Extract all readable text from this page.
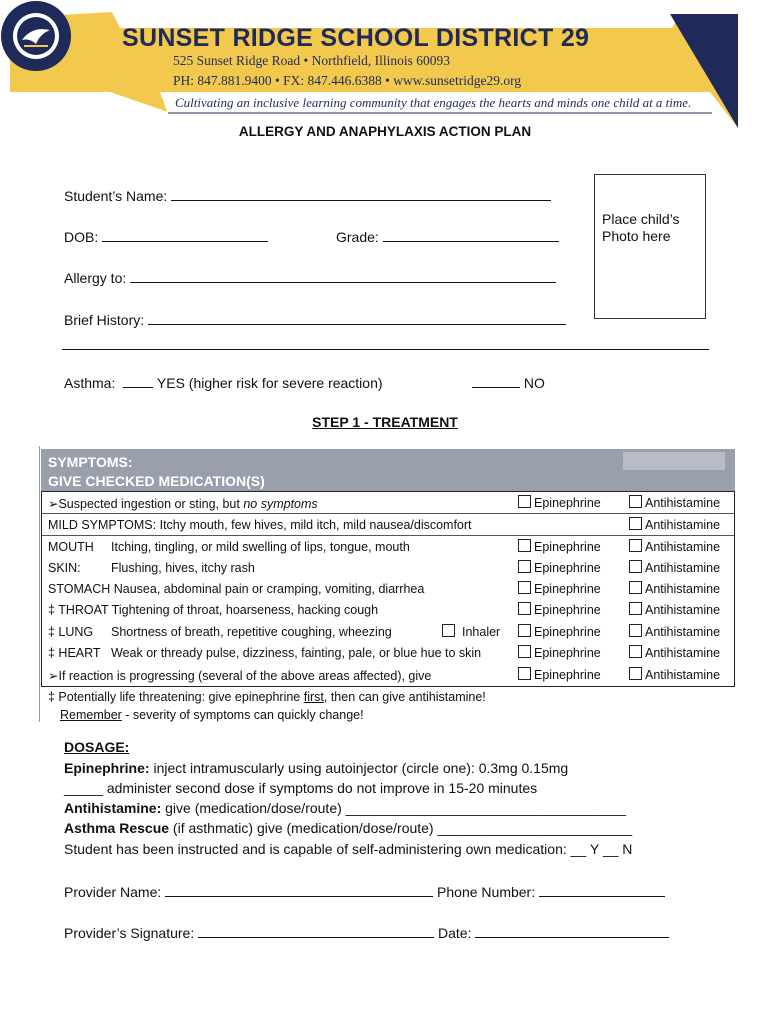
SUNSET RIDGE SCHOOL DISTRICT 29
525 Sunset Ridge Road • Northfield, Illinois 60093
PH: 847.881.9400 • FX: 847.446.6388 • www.sunsetridge29.org
Cultivating an inclusive learning community that engages the hearts and minds one child at a time.
ALLERGY AND ANAPHYLAXIS ACTION PLAN
Student’s Name:
DOB:	Grade:
Allergy to:
Brief History:
Place child’s
Photo here
Asthma:	YES (higher risk for severe reaction)	NO
STEP 1 - TREATMENT
SYMPTOMS:
GIVE CHECKED MEDICATION(S)
➢Suspected ingestion or sting, but no symptoms	Epinephrine	Antihistamine
MILD SYMPTOMS: Itchy mouth, few hives, mild itch, mild nausea/discomfort	Antihistamine
MOUTH Itching, tingling, or mild swelling of lips, tongue, mouth	Epinephrine	Antihistamine
SKIN: Flushing, hives, itchy rash	Epinephrine	Antihistamine
STOMACH Nausea, abdominal pain or cramping, vomiting, diarrhea	Epinephrine	Antihistamine
‡ THROAT Tightening of throat, hoarseness, hacking cough	Epinephrine	Antihistamine
‡ LUNG Shortness of breath, repetitive coughing, wheezing	Inhaler	Epinephrine	Antihistamine
‡ HEART Weak or thready pulse, dizziness, fainting, pale, or blue hue to skin	Epinephrine	Antihistamine
➢If reaction is progressing (several of the above areas affected), give	Epinephrine	Antihistamine
‡ Potentially life threatening: give epinephrine first, then can give antihistamine!
Remember - severity of symptoms can quickly change!
DOSAGE:
Epinephrine: inject intramuscularly using autoinjector (circle one): 0.3mg 0.15mg
_____ administer second dose if symptoms do not improve in 15-20 minutes
Antihistamine: give (medication/dose/route) ____________________________________
Asthma Rescue (if asthmatic) give (medication/dose/route) _________________________
Student has been instructed and is capable of self-administering own medication: __ Y __ N
Provider Name:	Phone Number:
Provider’s Signature:	Date:
